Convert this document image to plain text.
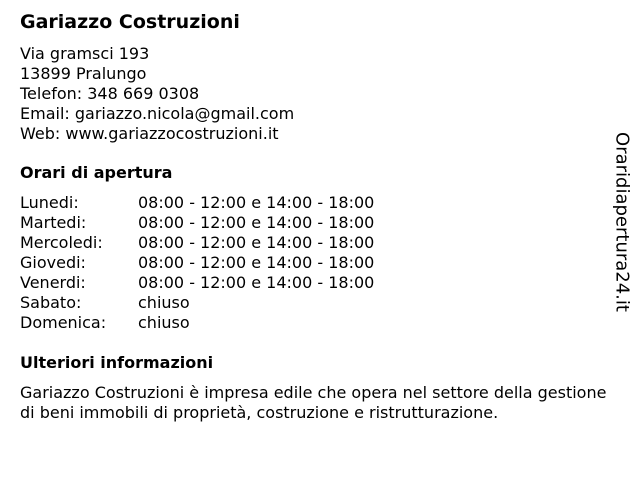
Gariazzo Costruzioni
Via gramsci 193
13899 Pralungo
Telefon: 348 669 0308
Email: gariazzo.nicola@gmail.com
Web: www.gariazzocostruzioni.it
Orari di apertura
Lunedi:	08:00 - 12:00 e 14:00 - 18:00
Martedi:	08:00 - 12:00 e 14:00 - 18:00
Mercoledi:	08:00 - 12:00 e 14:00 - 18:00
Giovedi:	08:00 - 12:00 e 14:00 - 18:00
Venerdi:	08:00 - 12:00 e 14:00 - 18:00
Sabato:	chiuso
Domenica:	chiuso
Ulteriori informazioni
Gariazzo Costruzioni è impresa edile che opera nel settore della gestione di beni immobili di proprietà, costruzione e ristrutturazione.
Oraridiapertura24.it
